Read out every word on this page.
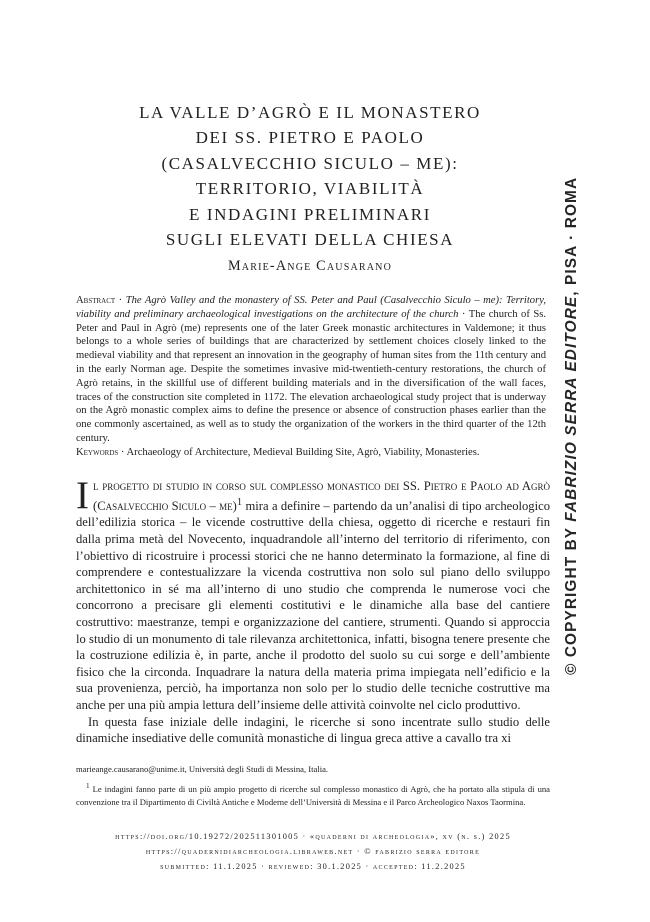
LA VALLE D’AGRÒ E IL MONASTERO
DEI SS. PIETRO E PAOLO
(CASALVECCHIO SICULO – ME):
TERRITORIO, VIABILITÀ
E INDAGINI PRELIMINARI
SUGLI ELEVATI DELLA CHIESA
Marie-Ange Causarano

Abstract · The Agrò Valley and the monastery of SS. Peter and Paul (Casalvecchio Siculo – me): Territory, viability and preliminary archaeological investigations on the architecture of the church · The church of Ss. Peter and Paul in Agrò (me) represents one of the later Greek monastic architectures in Valdemone; it thus belongs to a whole series of buildings that are characterized by settlement choices closely linked to the medieval viability and that represent an innovation in the geography of human sites from the 11th century and in the early Norman age. Despite the sometimes invasive mid-twentieth-century restorations, the church of Agrò retains, in the skillful use of different building materials and in the diversification of the wall faces, traces of the construction site completed in 1172. The elevation archaeological study project that is underway on the Agrò monastic complex aims to define the presence or absence of construction phases earlier than the one commonly ascertained, as well as to study the organization of the workers in the third quarter of the 12th century.

Keywords · Archaeology of Architecture, Medieval Building Site, Agrò, Viability, Monasteries.

Il progetto di studio in corso sul complesso monastico dei SS. Pietro e Paolo ad Agrò (Casalvecchio Siculo – me)$^1$ mira a definire – partendo da un’analisi di tipo archeologico dell’edilizia storica – le vicende costruttive della chiesa, oggetto di ricerche e restauri fin dalla prima metà del Novecento, inquadrandole all’interno del territorio di riferimento, con l’obiettivo di ricostruire i processi storici che ne hanno determinato la formazione, al fine di comprendere e contestualizzare la vicenda costruttiva non solo sul piano dello sviluppo architettonico in sé ma all’interno di uno studio che comprenda le numerose voci che concorrono a precisare gli elementi costitutivi e le dinamiche alla base del cantiere costruttivo: maestranze, tempi e organizzazione del cantiere, strumenti. Quando si approccia lo studio di un monumento di tale rilevanza architettonica, infatti, bisogna tenere presente che la costruzione edilizia è, in parte, anche il prodotto del suolo su cui sorge e dell’ambiente fisico che la circonda. Inquadrare la natura della materia prima impiegata nell’edificio e la sua provenienza, perciò, ha importanza non solo per lo studio delle tecniche costruttive ma anche per una più ampia lettura dell’insieme delle attività coinvolte nel ciclo produttivo.

In questa fase iniziale delle indagini, le ricerche si sono incentrate sullo studio delle dinamiche insediative delle comunità monastiche di lingua greca attive a cavallo tra xi

marieange.causarano@unime.it, Università degli Studi di Messina, Italia.

$^1$ Le indagini fanno parte di un più ampio progetto di ricerche sul complesso monastico di Agrò, che ha portato alla stipula di una convenzione tra il Dipartimento di Civiltà Antiche e Moderne dell’Università di Messina e il Parco Archeologico Naxos Taormina.

https://doi.org/10.19272/202511301005 · «quaderni di archeologia», xv (n. s.) 2025
https://quadernidiarcheologia.libraweb.net · © fabrizio serra editore
submitted: 11.1.2025 · reviewed: 30.1.2025 · accepted: 11.2.2025
© COPYRIGHT BY FABRIZIO SERRA EDITORE, PISA · ROMA
